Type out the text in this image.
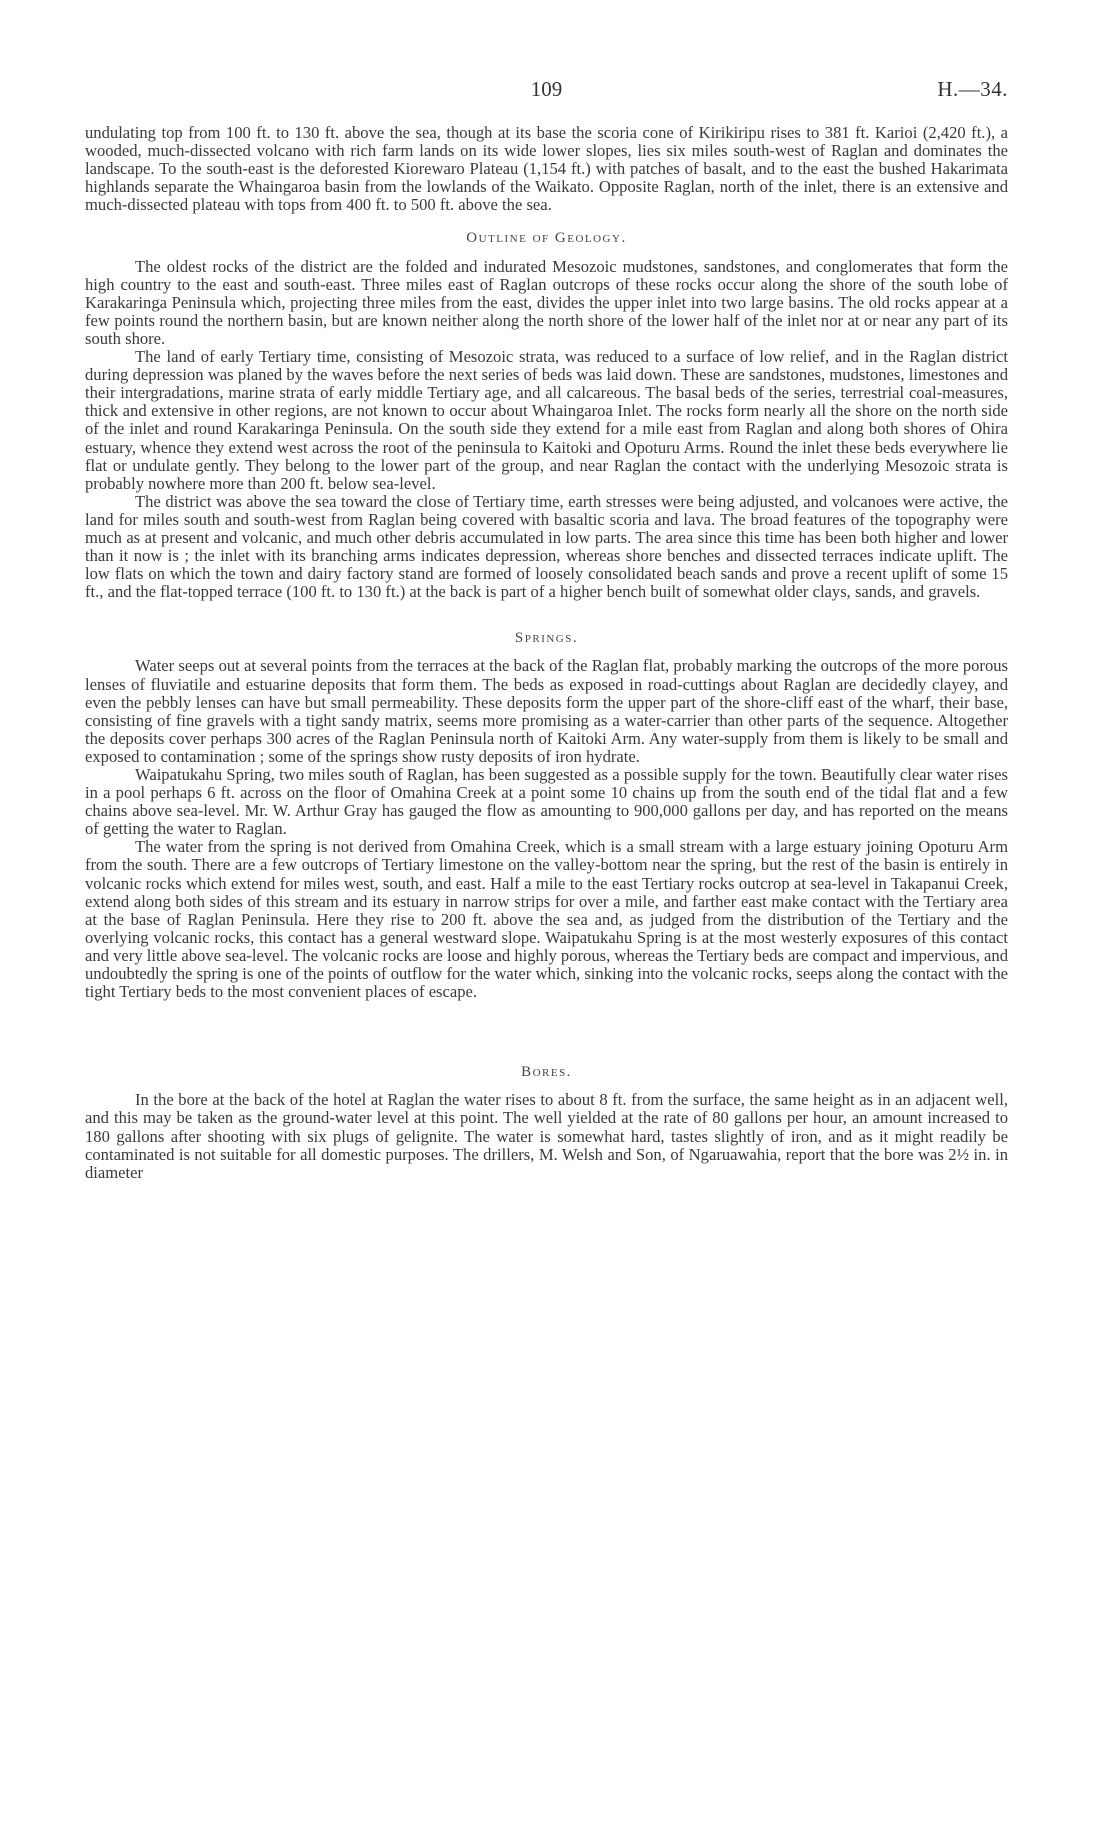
109	H.—34.

undulating top from 100 ft. to 130 ft. above the sea, though at its base the scoria cone of Kirikiripu rises to 381 ft. Karioi (2,420 ft.), a wooded, much-dissected volcano with rich farm lands on its wide lower slopes, lies six miles south-west of Raglan and dominates the landscape. To the south-east is the deforested Kiorewaro Plateau (1,154 ft.) with patches of basalt, and to the east the bushed Hakarimata highlands separate the Whaingaroa basin from the lowlands of the Waikato. Opposite Raglan, north of the inlet, there is an extensive and much-dissected plateau with tops from 400 ft. to 500 ft. above the sea.

Outline of Geology.

The oldest rocks of the district are the folded and indurated Mesozoic mudstones, sandstones, and conglomerates that form the high country to the east and south-east. Three miles east of Raglan outcrops of these rocks occur along the shore of the south lobe of Karakaringa Peninsula which, projecting three miles from the east, divides the upper inlet into two large basins. The old rocks appear at a few points round the northern basin, but are known neither along the north shore of the lower half of the inlet nor at or near any part of its south shore.

The land of early Tertiary time, consisting of Mesozoic strata, was reduced to a surface of low relief, and in the Raglan district during depression was planed by the waves before the next series of beds was laid down. These are sandstones, mudstones, limestones and their intergradations, marine strata of early middle Tertiary age, and all calcareous. The basal beds of the series, terrestrial coal-measures, thick and extensive in other regions, are not known to occur about Whaingaroa Inlet. The rocks form nearly all the shore on the north side of the inlet and round Karakaringa Peninsula. On the south side they extend for a mile east from Raglan and along both shores of Ohira estuary, whence they extend west across the root of the peninsula to Kaitoki and Opoturu Arms. Round the inlet these beds everywhere lie flat or undulate gently. They belong to the lower part of the group, and near Raglan the contact with the underlying Mesozoic strata is probably nowhere more than 200 ft. below sea-level.

The district was above the sea toward the close of Tertiary time, earth stresses were being adjusted, and volcanoes were active, the land for miles south and south-west from Raglan being covered with basaltic scoria and lava. The broad features of the topography were much as at present and volcanic, and much other debris accumulated in low parts. The area since this time has been both higher and lower than it now is ; the inlet with its branching arms indicates depression, whereas shore benches and dissected terraces indicate uplift. The low flats on which the town and dairy factory stand are formed of loosely consolidated beach sands and prove a recent uplift of some 15 ft., and the flat-topped terrace (100 ft. to 130 ft.) at the back is part of a higher bench built of somewhat older clays, sands, and gravels.

Springs.

Water seeps out at several points from the terraces at the back of the Raglan flat, probably marking the outcrops of the more porous lenses of fluviatile and estuarine deposits that form them. The beds as exposed in road-cuttings about Raglan are decidedly clayey, and even the pebbly lenses can have but small permeability. These deposits form the upper part of the shore-cliff east of the wharf, their base, consisting of fine gravels with a tight sandy matrix, seems more promising as a water-carrier than other parts of the sequence. Altogether the deposits cover perhaps 300 acres of the Raglan Peninsula north of Kaitoki Arm. Any water-supply from them is likely to be small and exposed to contamination ; some of the springs show rusty deposits of iron hydrate.

Waipatukahu Spring, two miles south of Raglan, has been suggested as a possible supply for the town. Beautifully clear water rises in a pool perhaps 6 ft. across on the floor of Omahina Creek at a point some 10 chains up from the south end of the tidal flat and a few chains above sea-level. Mr. W. Arthur Gray has gauged the flow as amounting to 900,000 gallons per day, and has reported on the means of getting the water to Raglan.

The water from the spring is not derived from Omahina Creek, which is a small stream with a large estuary joining Opoturu Arm from the south. There are a few outcrops of Tertiary limestone on the valley-bottom near the spring, but the rest of the basin is entirely in volcanic rocks which extend for miles west, south, and east. Half a mile to the east Tertiary rocks outcrop at sea-level in Takapanui Creek, extend along both sides of this stream and its estuary in narrow strips for over a mile, and farther east make contact with the Tertiary area at the base of Raglan Peninsula. Here they rise to 200 ft. above the sea and, as judged from the distribution of the Tertiary and the overlying volcanic rocks, this contact has a general westward slope. Waipatukahu Spring is at the most westerly exposures of this contact and very little above sea-level. The volcanic rocks are loose and highly porous, whereas the Tertiary beds are compact and impervious, and undoubtedly the spring is one of the points of outflow for the water which, sinking into the volcanic rocks, seeps along the contact with the tight Tertiary beds to the most convenient places of escape.

Bores.

In the bore at the back of the hotel at Raglan the water rises to about 8 ft. from the surface, the same height as in an adjacent well, and this may be taken as the ground-water level at this point. The well yielded at the rate of 80 gallons per hour, an amount increased to 180 gallons after shooting with six plugs of gelignite. The water is somewhat hard, tastes slightly of iron, and as it might readily be contaminated is not suitable for all domestic purposes. The drillers, M. Welsh and Son, of Ngaruawahia, report that the bore was 2½ in. in diameter
